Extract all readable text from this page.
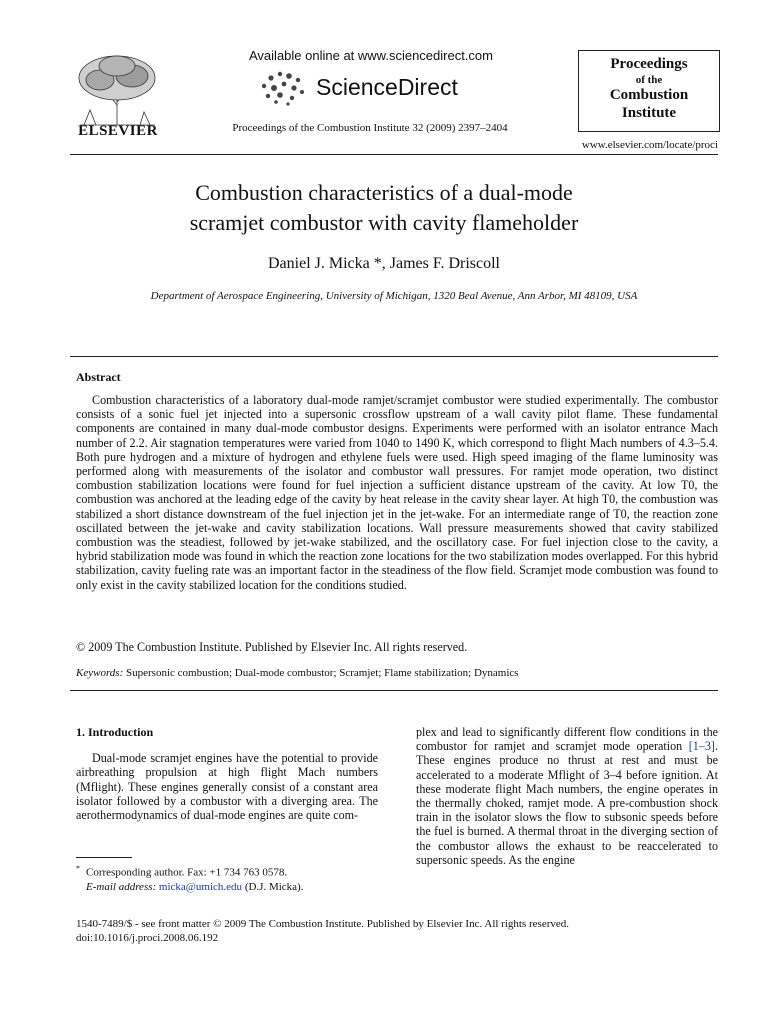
ELSEVIER
Available online at www.sciencedirect.com
ScienceDirect
Proceedings of the Combustion Institute 32 (2009) 2397–2404
Proceedings
of the
Combustion
Institute
www.elsevier.com/locate/proci
Combustion characteristics of a dual-mode
scramjet combustor with cavity flameholder
Daniel J. Micka *, James F. Driscoll
Department of Aerospace Engineering, University of Michigan, 1320 Beal Avenue, Ann Arbor, MI 48109, USA
Abstract

Combustion characteristics of a laboratory dual-mode ramjet/scramjet combustor were studied experimentally. The combustor consists of a sonic fuel jet injected into a supersonic crossflow upstream of a wall cavity pilot flame. These fundamental components are contained in many dual-mode combustor designs. Experiments were performed with an isolator entrance Mach number of 2.2. Air stagnation temperatures were varied from 1040 to 1490 K, which correspond to flight Mach numbers of 4.3–5.4. Both pure hydrogen and a mixture of hydrogen and ethylene fuels were used. High speed imaging of the flame luminosity was performed along with measurements of the isolator and combustor wall pressures. For ramjet mode operation, two distinct combustion stabilization locations were found for fuel injection a sufficient distance upstream of the cavity. At low T0, the combustion was anchored at the leading edge of the cavity by heat release in the cavity shear layer. At high T0, the combustion was stabilized a short distance downstream of the fuel injection jet in the jet-wake. For an intermediate range of T0, the reaction zone oscillated between the jet-wake and cavity stabilization locations. Wall pressure measurements showed that cavity stabilized combustion was the steadiest, followed by jet-wake stabilized, and the oscillatory case. For fuel injection close to the cavity, a hybrid stabilization mode was found in which the reaction zone locations for the two stabilization modes overlapped. For this hybrid stabilization, cavity fueling rate was an important factor in the steadiness of the flow field. Scramjet mode combustion was found to only exist in the cavity stabilized location for the conditions studied.

© 2009 The Combustion Institute. Published by Elsevier Inc. All rights reserved.
Keywords: Supersonic combustion; Dual-mode combustor; Scramjet; Flame stabilization; Dynamics
1. Introduction

Dual-mode scramjet engines have the potential to provide airbreathing propulsion at high flight Mach numbers (Mflight). These engines generally consist of a constant area isolator followed by a combustor with a diverging area. The aerothermodynamics of dual-mode engines are quite com-

plex and lead to significantly different flow conditions in the combustor for ramjet and scramjet mode operation [1–3]. These engines produce no thrust at rest and must be accelerated to a moderate Mflight of 3–4 before ignition. At these moderate flight Mach numbers, the engine operates in the thermally choked, ramjet mode. A pre-combustion shock train in the isolator slows the flow to subsonic speeds before the fuel is burned. A thermal throat in the diverging section of the combustor allows the exhaust to be reaccelerated to supersonic speeds. As the engine

* Corresponding author. Fax: +1 734 763 0578.
E-mail address: micka@umich.edu (D.J. Micka).
1540-7489/$ - see front matter © 2009 The Combustion Institute. Published by Elsevier Inc. All rights reserved.
doi:10.1016/j.proci.2008.06.192
